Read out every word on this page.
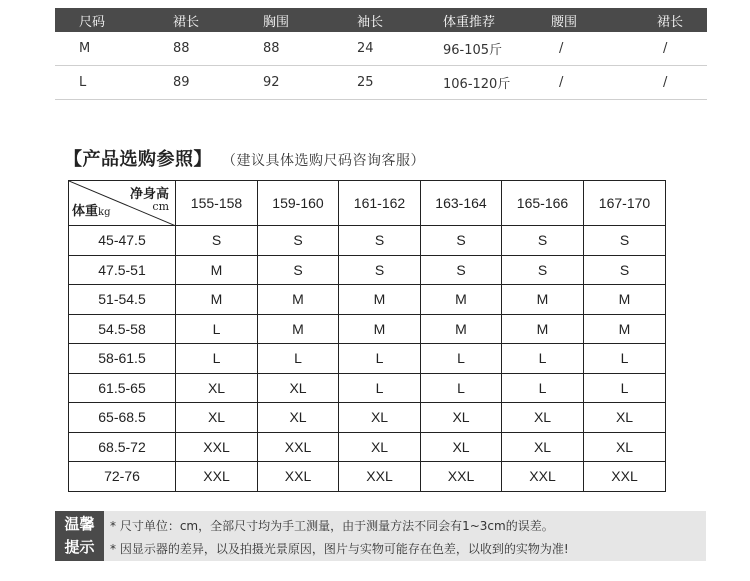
尺码	裙长	胸围	袖长	体重推荐	腰围	裙长
M	88	88	24	96-105斤	/	/
L	89	92	25	106-120斤	/	/
【产品选购参照】 （建议具体选购尺码咨询客服）
净身高
cm
体重kg	155-158	159-160	161-162	163-164	165-166	167-170
45-47.5	S	S	S	S	S	S
47.5-51	M	S	S	S	S	S
51-54.5	M	M	M	M	M	M
54.5-58	L	M	M	M	M	M
58-61.5	L	L	L	L	L	L
61.5-65	XL	XL	L	L	L	L
65-68.5	XL	XL	XL	XL	XL	XL
68.5-72	XXL	XXL	XL	XL	XL	XL
72-76	XXL	XXL	XXL	XXL	XXL	XXL
温馨
提示
* 尺寸单位：cm，全部尺寸均为手工测量，由于测量方法不同会有1~3cm的误差。
* 因显示器的差异，以及拍摄光景原因，图片与实物可能存在色差，以收到的实物为准!
